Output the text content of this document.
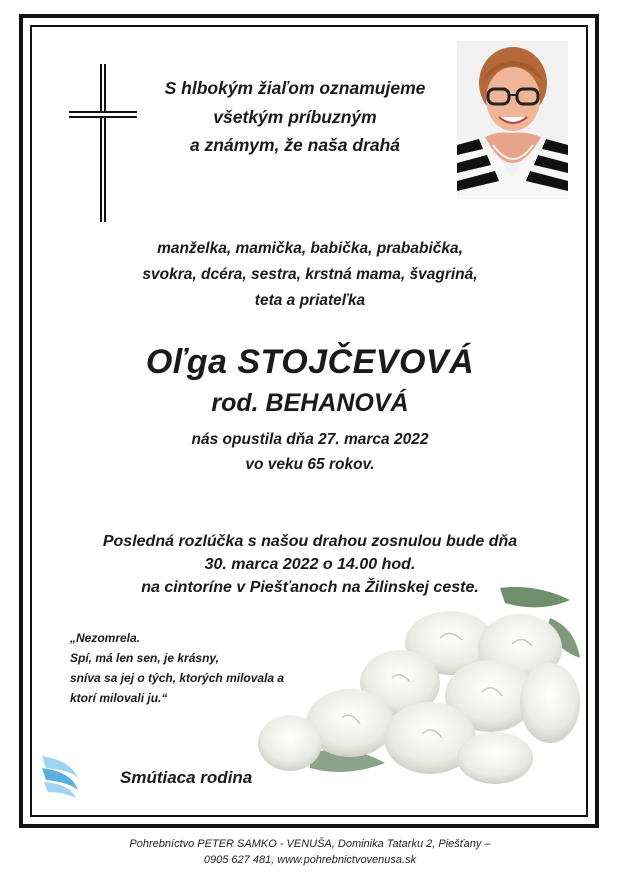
S hlbokým žiaľom oznamujeme
všetkým príbuzným
a známym, že naša drahá
manželka, mamička, babička, prababička,
svokra, dcéra, sestra, krstná mama, švagriná,
teta a priateľka
Oľga STOJČEVOVÁ
rod. BEHANOVÁ
nás opustila dňa 27. marca 2022
vo veku 65 rokov.
Posledná rozlúčka s našou drahou zosnulou bude dňa
30. marca 2022 o 14.00 hod.
na cintoríne v Piešťanoch na Žilinskej ceste.
„Nezomrela.
Spí, má len sen, je krásny,
sníva sa jej o tých, ktorých milovala a
ktorí milovali ju.“
Smútiaca rodina
Pohrebníctvo PETER SAMKO - VENUŠA, Dominika Tatarku 2, Piešťany –
0905 627 481, www.pohrebnictvovenusa.sk
